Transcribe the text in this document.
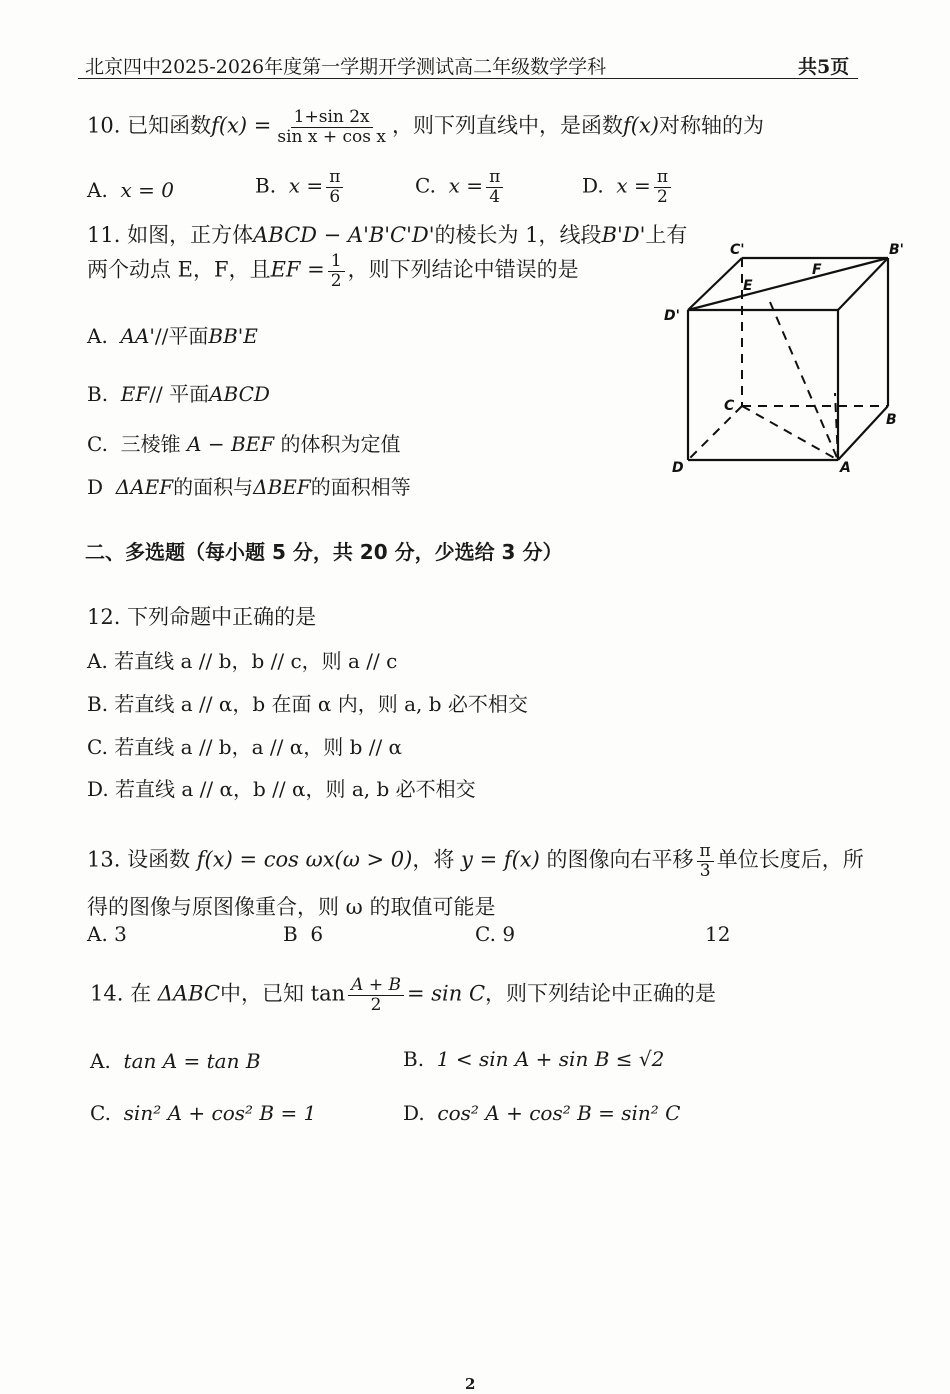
北京四中2025-2026年度第一学期开学测试高二年级数学学科	共5页
10. 已知函数$f(x) = \frac{1+\sin 2x}{\text{sin x + cos x}}$ ，则下列直线中，是函数f(x)对称轴的为
A. x = 0	B. $x = \frac{\pi}{6}$	C. $x = \frac{\pi}{4}$	D. $x = \frac{\pi}{2}$
11. 如图，正方体ABCD − A'B'C'D'的棱长为 1，线段B'D'上有
两个动点 E，F，且EF = $\frac{1}{2}$ ，则下列结论中错误的是
A. AA'//平面BB'E
B. EF// 平面ABCD
C. 三棱锥 A − BEF 的体积为定值
D ΔAEF的面积与ΔBEF的面积相等
C'	B'
E
F
D'
C
B
D	A
二、多选题（每小题 5 分，共 20 分，少选给 3 分）
12. 下列命题中正确的是
A. 若直线 a // b，b // c，则 a // c
B. 若直线 a // α，b 在面 α 内，则 a, b 必不相交
C. 若直线 a // b，a // α，则 b // α
D. 若直线 a // α，b // α，则 a, b 必不相交
13. 设函数 f(x) = cos ωx(ω > 0)，将 y = f(x) 的图像向右平移 $\frac{\pi}{3}$ 单位长度后，所
得的图像与原图像重合，则 ω 的取值可能是
A. 3	B 6	C. 9	12
14. 在 ΔABC中，已知 $\tan \frac{A + B}{2} = \sin C$，则下列结论中正确的是
A. tan A = tan B	B. 1 < sin A + sin B ≤ √2
C. sin² A + cos² B = 1	D. cos² A + cos² B = sin² C
2
